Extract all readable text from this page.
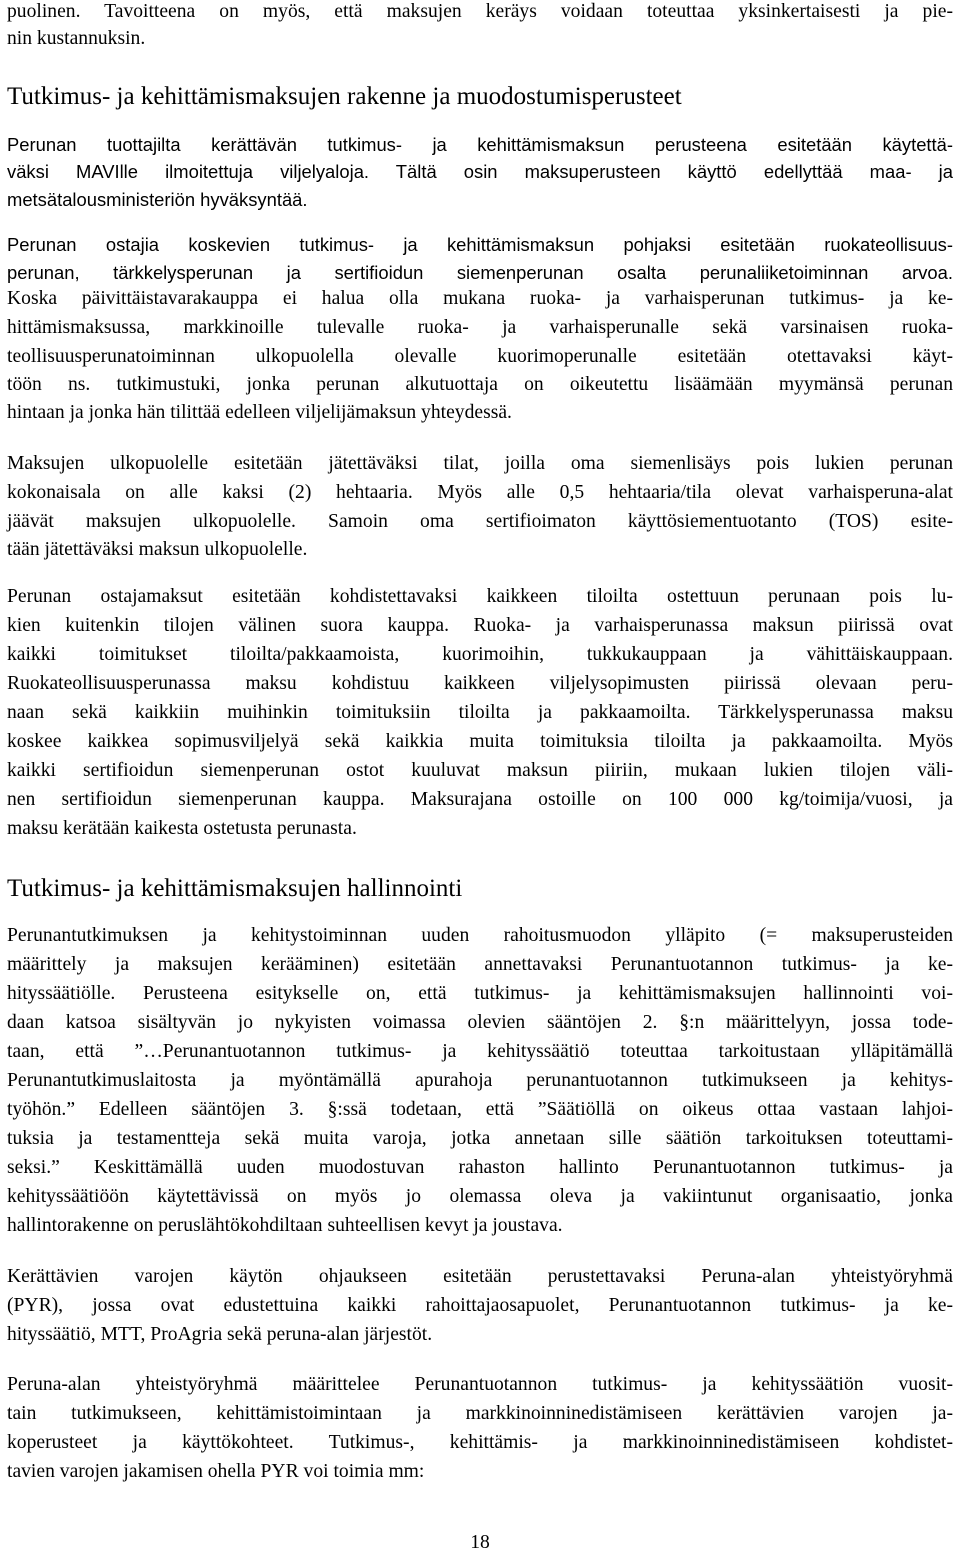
puolinen. Tavoitteena on myös, että maksujen keräys voidaan toteuttaa yksinkertaisesti ja pie-
nin kustannuksin.
Tutkimus- ja kehittämismaksujen rakenne ja muodostumisperusteet
Perunan tuottajilta kerättävän tutkimus- ja kehittämismaksun perusteena esitetään käytettä-
väksi MAVIlle ilmoitettuja viljelyaloja. Tältä osin maksuperusteen käyttö edellyttää maa- ja
metsätalousministeriön hyväksyntää.
Perunan ostajia koskevien tutkimus- ja kehittämismaksun pohjaksi esitetään ruokateollisuus-
perunan, tärkkelysperunan ja sertifioidun siemenperunan osalta perunaliiketoiminnan arvoa.
Koska päivittäistavarakauppa ei halua olla mukana ruoka- ja varhaisperunan tutkimus- ja ke-
hittämismaksussa, markkinoille tulevalle ruoka- ja varhaisperunalle sekä varsinaisen ruoka-
teollisuusperunatoiminnan ulkopuolella olevalle kuorimoperunalle esitetään otettavaksi käyt-
töön ns. tutkimustuki, jonka perunan alkutuottaja on oikeutettu lisäämään myymänsä perunan
hintaan ja jonka hän tilittää edelleen viljelijämaksun yhteydessä.
Maksujen ulkopuolelle esitetään jätettäväksi tilat, joilla oma siemenlisäys pois lukien perunan
kokonaisala on alle kaksi (2) hehtaaria. Myös alle 0,5 hehtaaria/tila olevat varhaisperuna-alat
jäävät maksujen ulkopuolelle. Samoin oma sertifioimaton käyttösiementuotanto (TOS) esite-
tään jätettäväksi maksun ulkopuolelle.
Perunan ostajamaksut esitetään kohdistettavaksi kaikkeen tiloilta ostettuun perunaan pois lu-
kien kuitenkin tilojen välinen suora kauppa. Ruoka- ja varhaisperunassa maksun piirissä ovat
kaikki toimitukset tiloilta/pakkaamoista, kuorimoihin, tukkukauppaan ja vähittäiskauppaan.
Ruokateollisuusperunassa maksu kohdistuu kaikkeen viljelysopimusten piirissä olevaan peru-
naan sekä kaikkiin muihinkin toimituksiin tiloilta ja pakkaamoilta. Tärkkelysperunassa maksu
koskee kaikkea sopimusviljelyä sekä kaikkia muita toimituksia tiloilta ja pakkaamoilta. Myös
kaikki sertifioidun siemenperunan ostot kuuluvat maksun piiriin, mukaan lukien tilojen väli-
nen sertifioidun siemenperunan kauppa. Maksurajana ostoille on 100 000 kg/toimija/vuosi, ja
maksu kerätään kaikesta ostetusta perunasta.
Tutkimus- ja kehittämismaksujen hallinnointi
Perunantutkimuksen ja kehitystoiminnan uuden rahoitusmuodon ylläpito (= maksuperusteiden
määrittely ja maksujen kerääminen) esitetään annettavaksi Perunantuotannon tutkimus- ja ke-
hityssäätiölle. Perusteena esitykselle on, että tutkimus- ja kehittämismaksujen hallinnointi voi-
daan katsoa sisältyvän jo nykyisten voimassa olevien sääntöjen 2. §:n määrittelyyn, jossa tode-
taan, että ”…Perunantuotannon tutkimus- ja kehityssäätiö toteuttaa tarkoitustaan ylläpitämällä
Perunantutkimuslaitosta ja myöntämällä apurahoja perunantuotannon tutkimukseen ja kehitys-
työhön.” Edelleen sääntöjen 3. §:ssä todetaan, että ”Säätiöllä on oikeus ottaa vastaan lahjoi-
tuksia ja testamentteja sekä muita varoja, jotka annetaan sille säätiön tarkoituksen toteuttami-
seksi.” Keskittämällä uuden muodostuvan rahaston hallinto Perunantuotannon tutkimus- ja
kehityssäätiöön käytettävissä on myös jo olemassa oleva ja vakiintunut organisaatio, jonka
hallintorakenne on peruslähtökohdiltaan suhteellisen kevyt ja joustava.
Kerättävien varojen käytön ohjaukseen esitetään perustettavaksi Peruna-alan yhteistyöryhmä
(PYR), jossa ovat edustettuina kaikki rahoittajaosapuolet, Perunantuotannon tutkimus- ja ke-
hityssäätiö, MTT, ProAgria sekä peruna-alan järjestöt.
Peruna-alan yhteistyöryhmä määrittelee Perunantuotannon tutkimus- ja kehityssäätiön vuosit-
tain tutkimukseen, kehittämistoimintaan ja markkinoinninedistämiseen kerättävien varojen ja-
koperusteet ja käyttökohteet. Tutkimus-, kehittämis- ja markkinoinninedistämiseen kohdistet-
tavien varojen jakamisen ohella PYR voi toimia mm:
18
